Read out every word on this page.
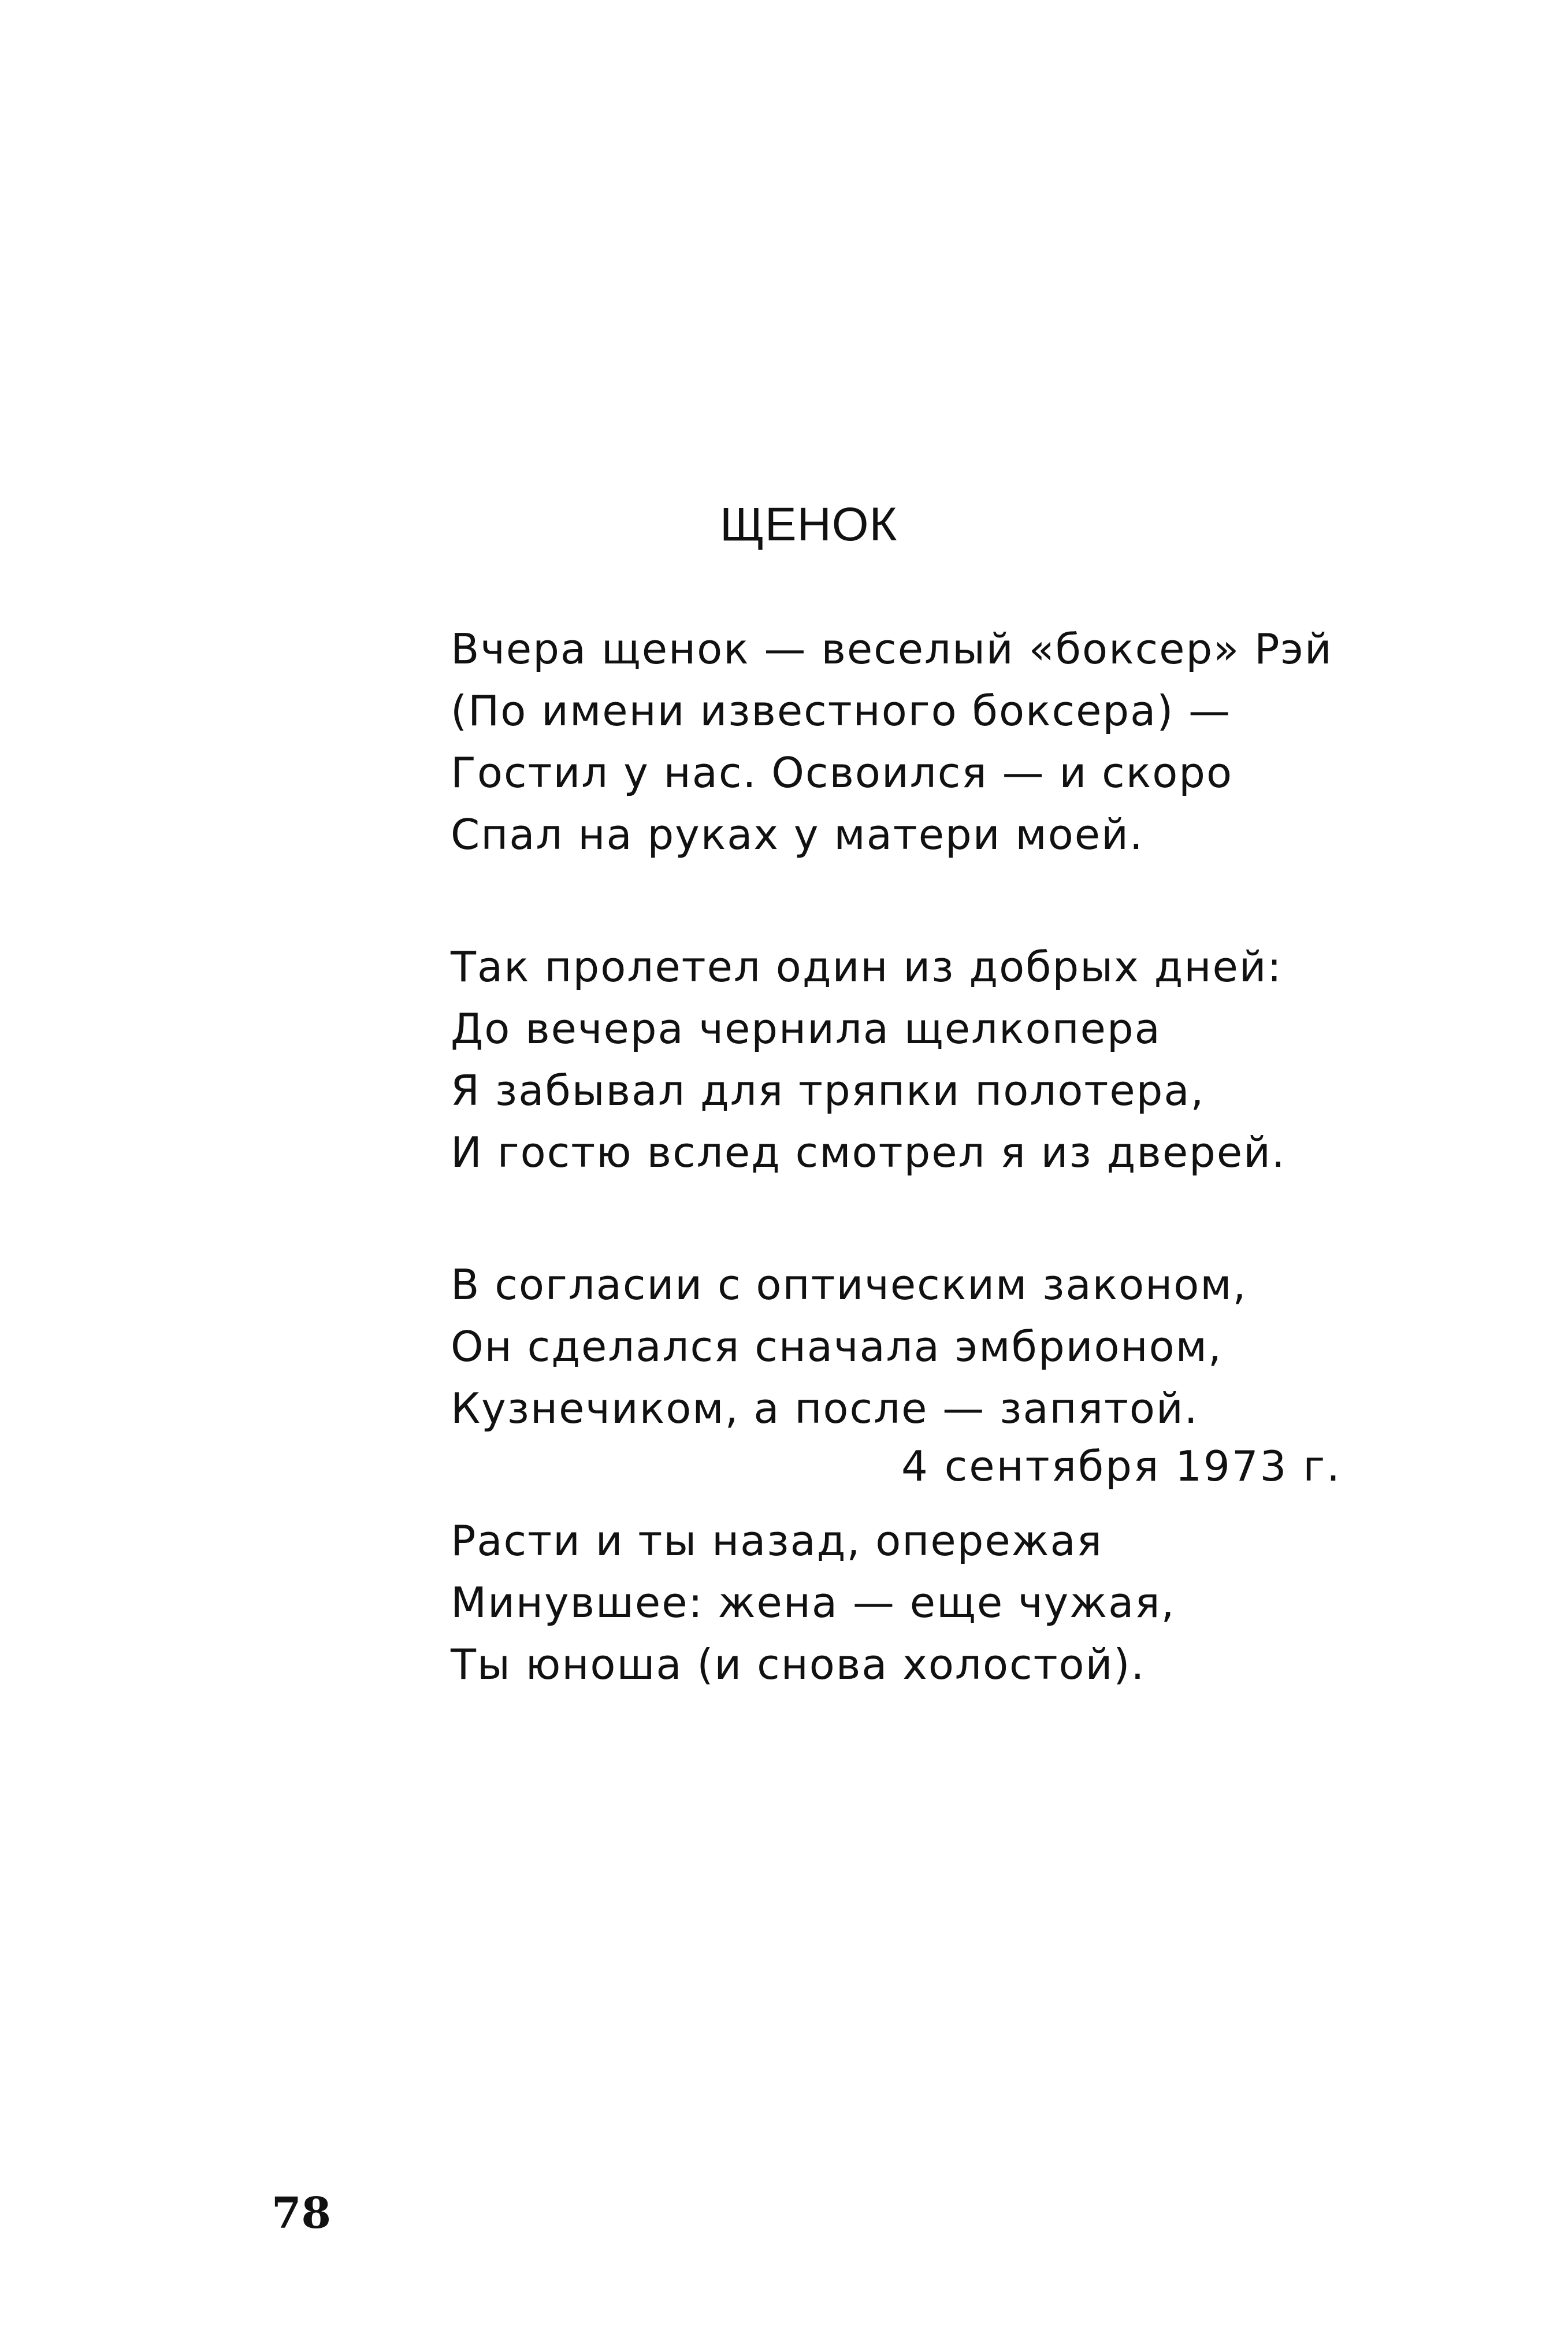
ЩЕНОК
Вчера щенок — веселый «боксер» Рэй
(По имени известного боксера) —
Гостил у нас. Освоился — и скоро
Спал на руках у матери моей.
Так пролетел один из добрых дней:
До вечера чернила щелкопера
Я забывал для тряпки полотера,
И гостю вслед смотрел я из дверей.
В согласии с оптическим законом,
Он сделался сначала эмбрионом,
Кузнечиком, а после — запятой.
Расти и ты назад, опережая
Минувшее: жена — еще чужая,
Ты юноша (и снова холостой).
4 сентября 1973 г.
78
